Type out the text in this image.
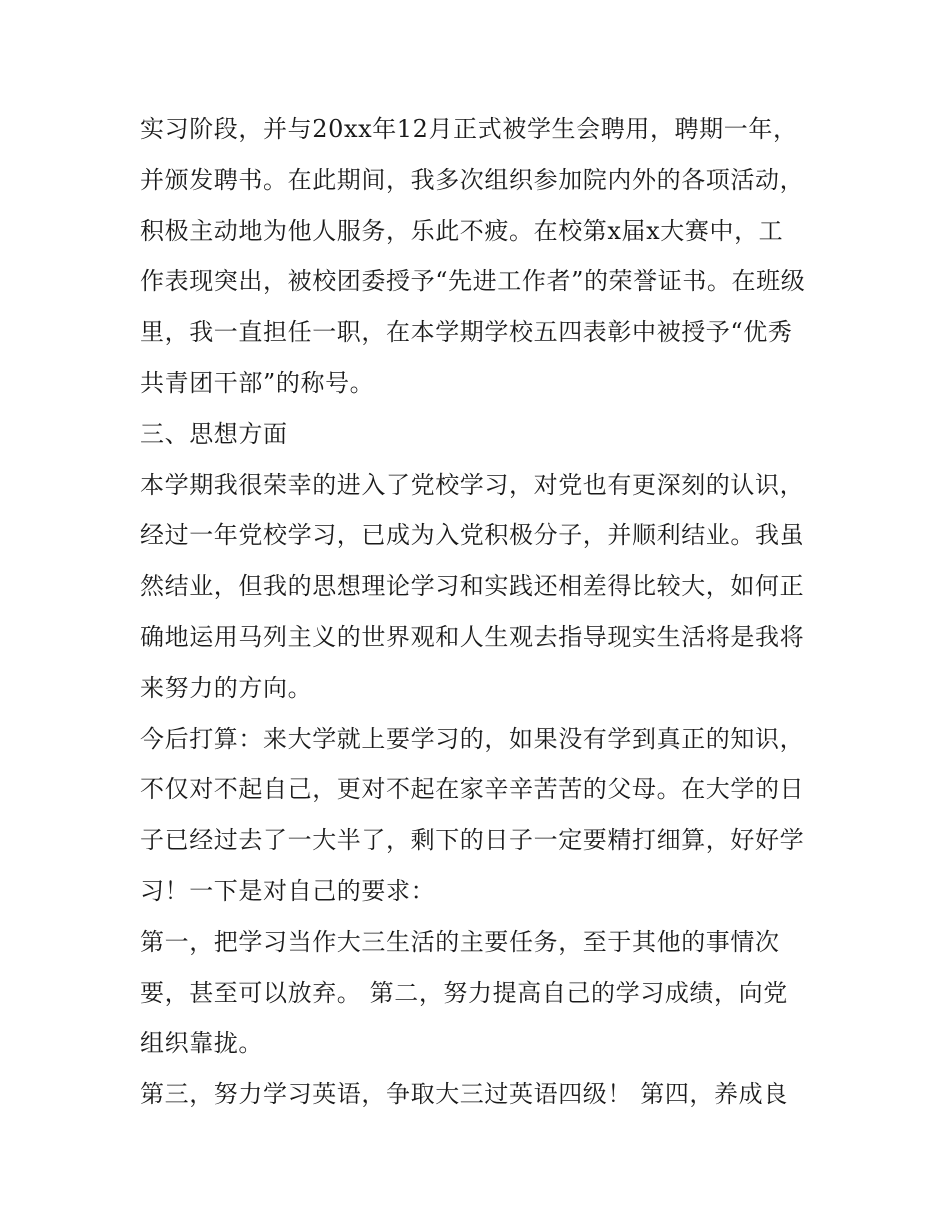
实习阶段，并与20xx年12月正式被学生会聘用，聘期一年，
并颁发聘书。在此期间，我多次组织参加院内外的各项活动，
积极主动地为他人服务，乐此不疲。在校第x届x大赛中，工
作表现突出，被校团委授予“先进工作者”的荣誉证书。在班级
里，我一直担任一职，在本学期学校五四表彰中被授予“优秀
共青团干部”的称号。
三、思想方面
本学期我很荣幸的进入了党校学习，对党也有更深刻的认识，
经过一年党校学习，已成为入党积极分子，并顺利结业。我虽
然结业，但我的思想理论学习和实践还相差得比较大，如何正
确地运用马列主义的世界观和人生观去指导现实生活将是我将
来努力的方向。
今后打算：来大学就上要学习的，如果没有学到真正的知识，
不仅对不起自己，更对不起在家辛辛苦苦的父母。在大学的日
子已经过去了一大半了，剩下的日子一定要精打细算，好好学
习！一下是对自己的要求：
第一，把学习当作大三生活的主要任务，至于其他的事情次
要，甚至可以放弃。 第二，努力提高自己的学习成绩，向党
组织靠拢。
第三，努力学习英语，争取大三过英语四级！ 第四，养成良
